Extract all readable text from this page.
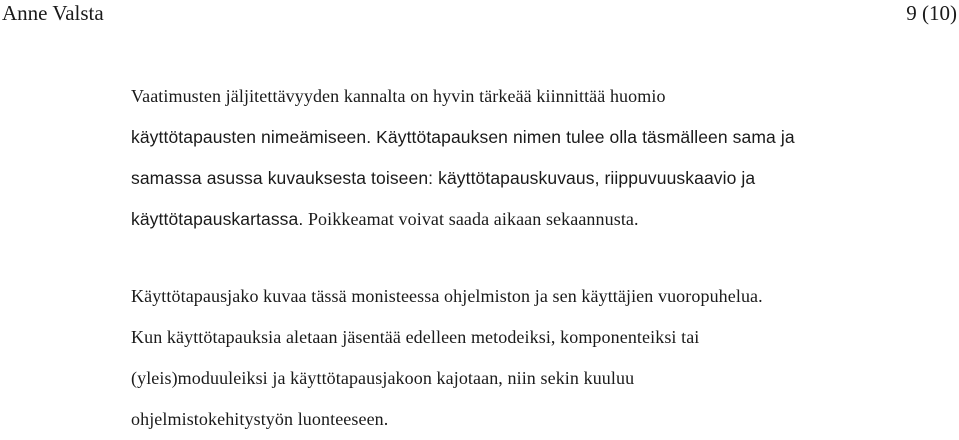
Anne Valsta	9 (10)
Vaatimusten jäljitettävyyden kannalta on hyvin tärkeää kiinnittää huomio
käyttötapausten nimeämiseen. Käyttötapauksen nimen tulee olla täsmälleen sama ja
samassa asussa kuvauksesta toiseen: käyttötapauskuvaus, riippuvuuskaavio ja
käyttötapauskartassa. Poikkeamat voivat saada aikaan sekaannusta.
Käyttötapausjako kuvaa tässä monisteessa ohjelmiston ja sen käyttäjien vuoropuhelua.
Kun käyttötapauksia aletaan jäsentää edelleen metodeiksi, komponenteiksi tai
(yleis)moduuleiksi ja käyttötapausjakoon kajotaan, niin sekin kuuluu
ohjelmistokehitystyön luonteeseen.
